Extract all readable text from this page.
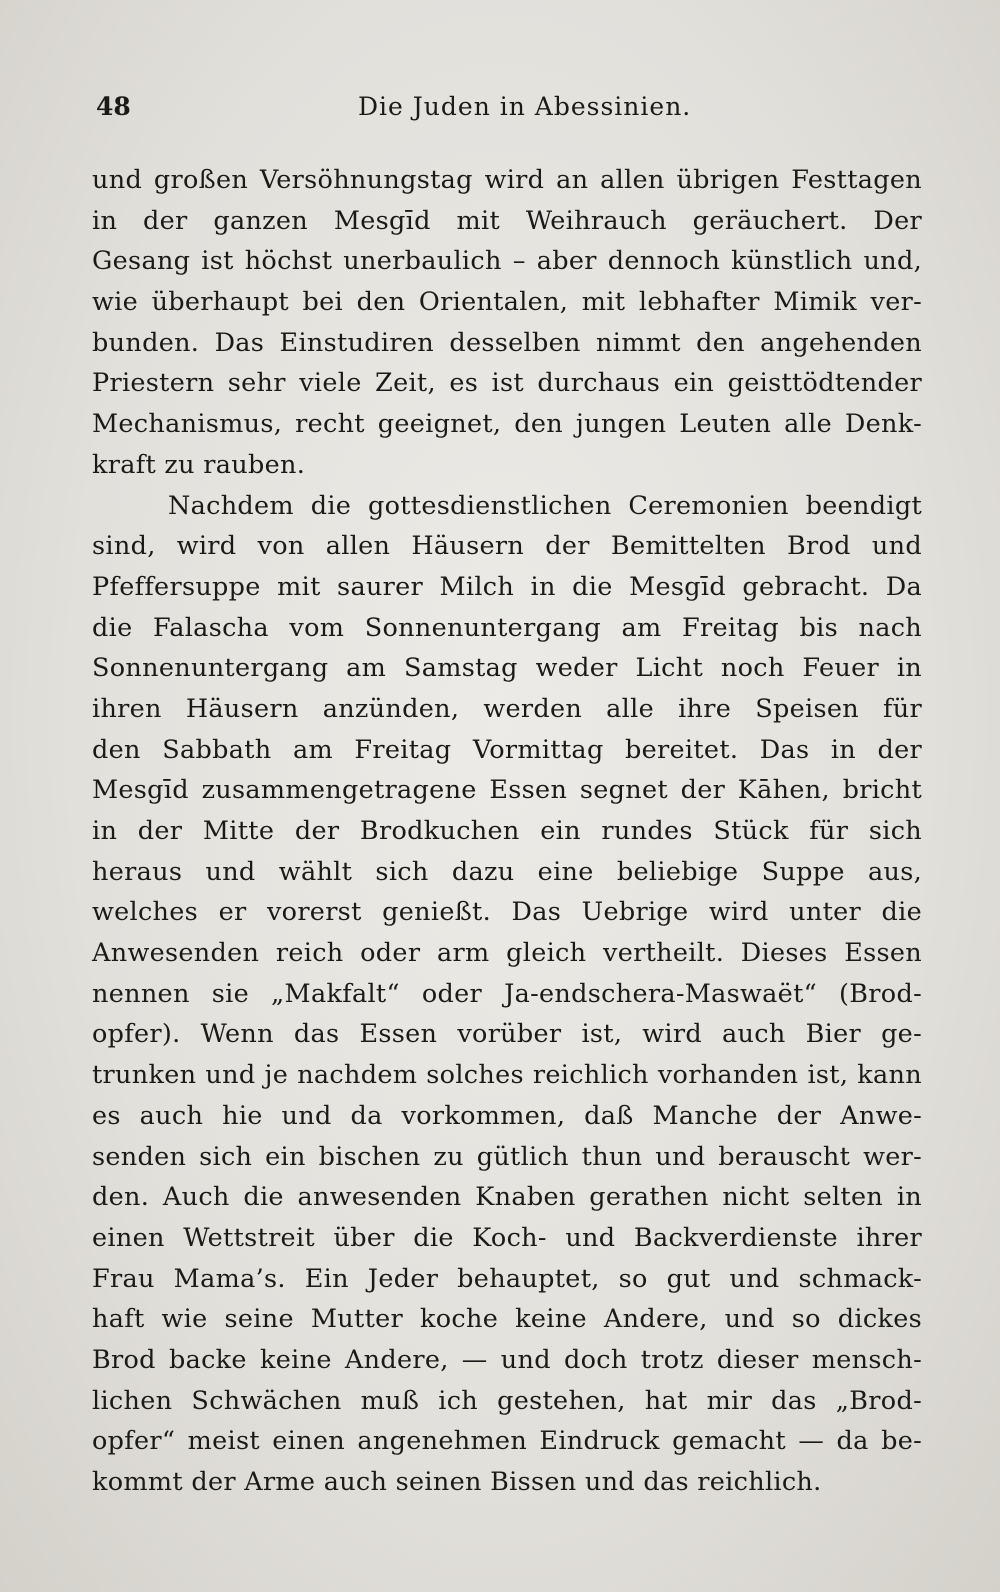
48	Die Juden in Abessinien.
und großen Versöhnungstag wird an allen übrigen Festtagen
in der ganzen Mesgīd mit Weihrauch geräuchert. Der
Gesang ist höchst unerbaulich – aber dennoch künstlich und,
wie überhaupt bei den Orientalen, mit lebhafter Mimik ver-
bunden. Das Einstudiren desselben nimmt den angehenden
Priestern sehr viele Zeit, es ist durchaus ein geisttödtender
Mechanismus, recht geeignet, den jungen Leuten alle Denk-
kraft zu rauben.
Nachdem die gottesdienstlichen Ceremonien beendigt
sind, wird von allen Häusern der Bemittelten Brod und
Pfeffersuppe mit saurer Milch in die Mesgīd gebracht. Da
die Falascha vom Sonnenuntergang am Freitag bis nach
Sonnenuntergang am Samstag weder Licht noch Feuer in
ihren Häusern anzünden, werden alle ihre Speisen für
den Sabbath am Freitag Vormittag bereitet. Das in der
Mesgīd zusammengetragene Essen segnet der Kāhen, bricht
in der Mitte der Brodkuchen ein rundes Stück für sich
heraus und wählt sich dazu eine beliebige Suppe aus,
welches er vorerst genießt. Das Uebrige wird unter die
Anwesenden reich oder arm gleich vertheilt. Dieses Essen
nennen sie „Makfalt“ oder Ja-endschera-Maswaët“ (Brod-
opfer). Wenn das Essen vorüber ist, wird auch Bier ge-
trunken und je nachdem solches reichlich vorhanden ist, kann
es auch hie und da vorkommen, daß Manche der Anwe-
senden sich ein bischen zu gütlich thun und berauscht wer-
den. Auch die anwesenden Knaben gerathen nicht selten in
einen Wettstreit über die Koch- und Backverdienste ihrer
Frau Mama’s. Ein Jeder behauptet, so gut und schmack-
haft wie seine Mutter koche keine Andere, und so dickes
Brod backe keine Andere, — und doch trotz dieser mensch-
lichen Schwächen muß ich gestehen, hat mir das „Brod-
opfer“ meist einen angenehmen Eindruck gemacht — da be-
kommt der Arme auch seinen Bissen und das reichlich.
